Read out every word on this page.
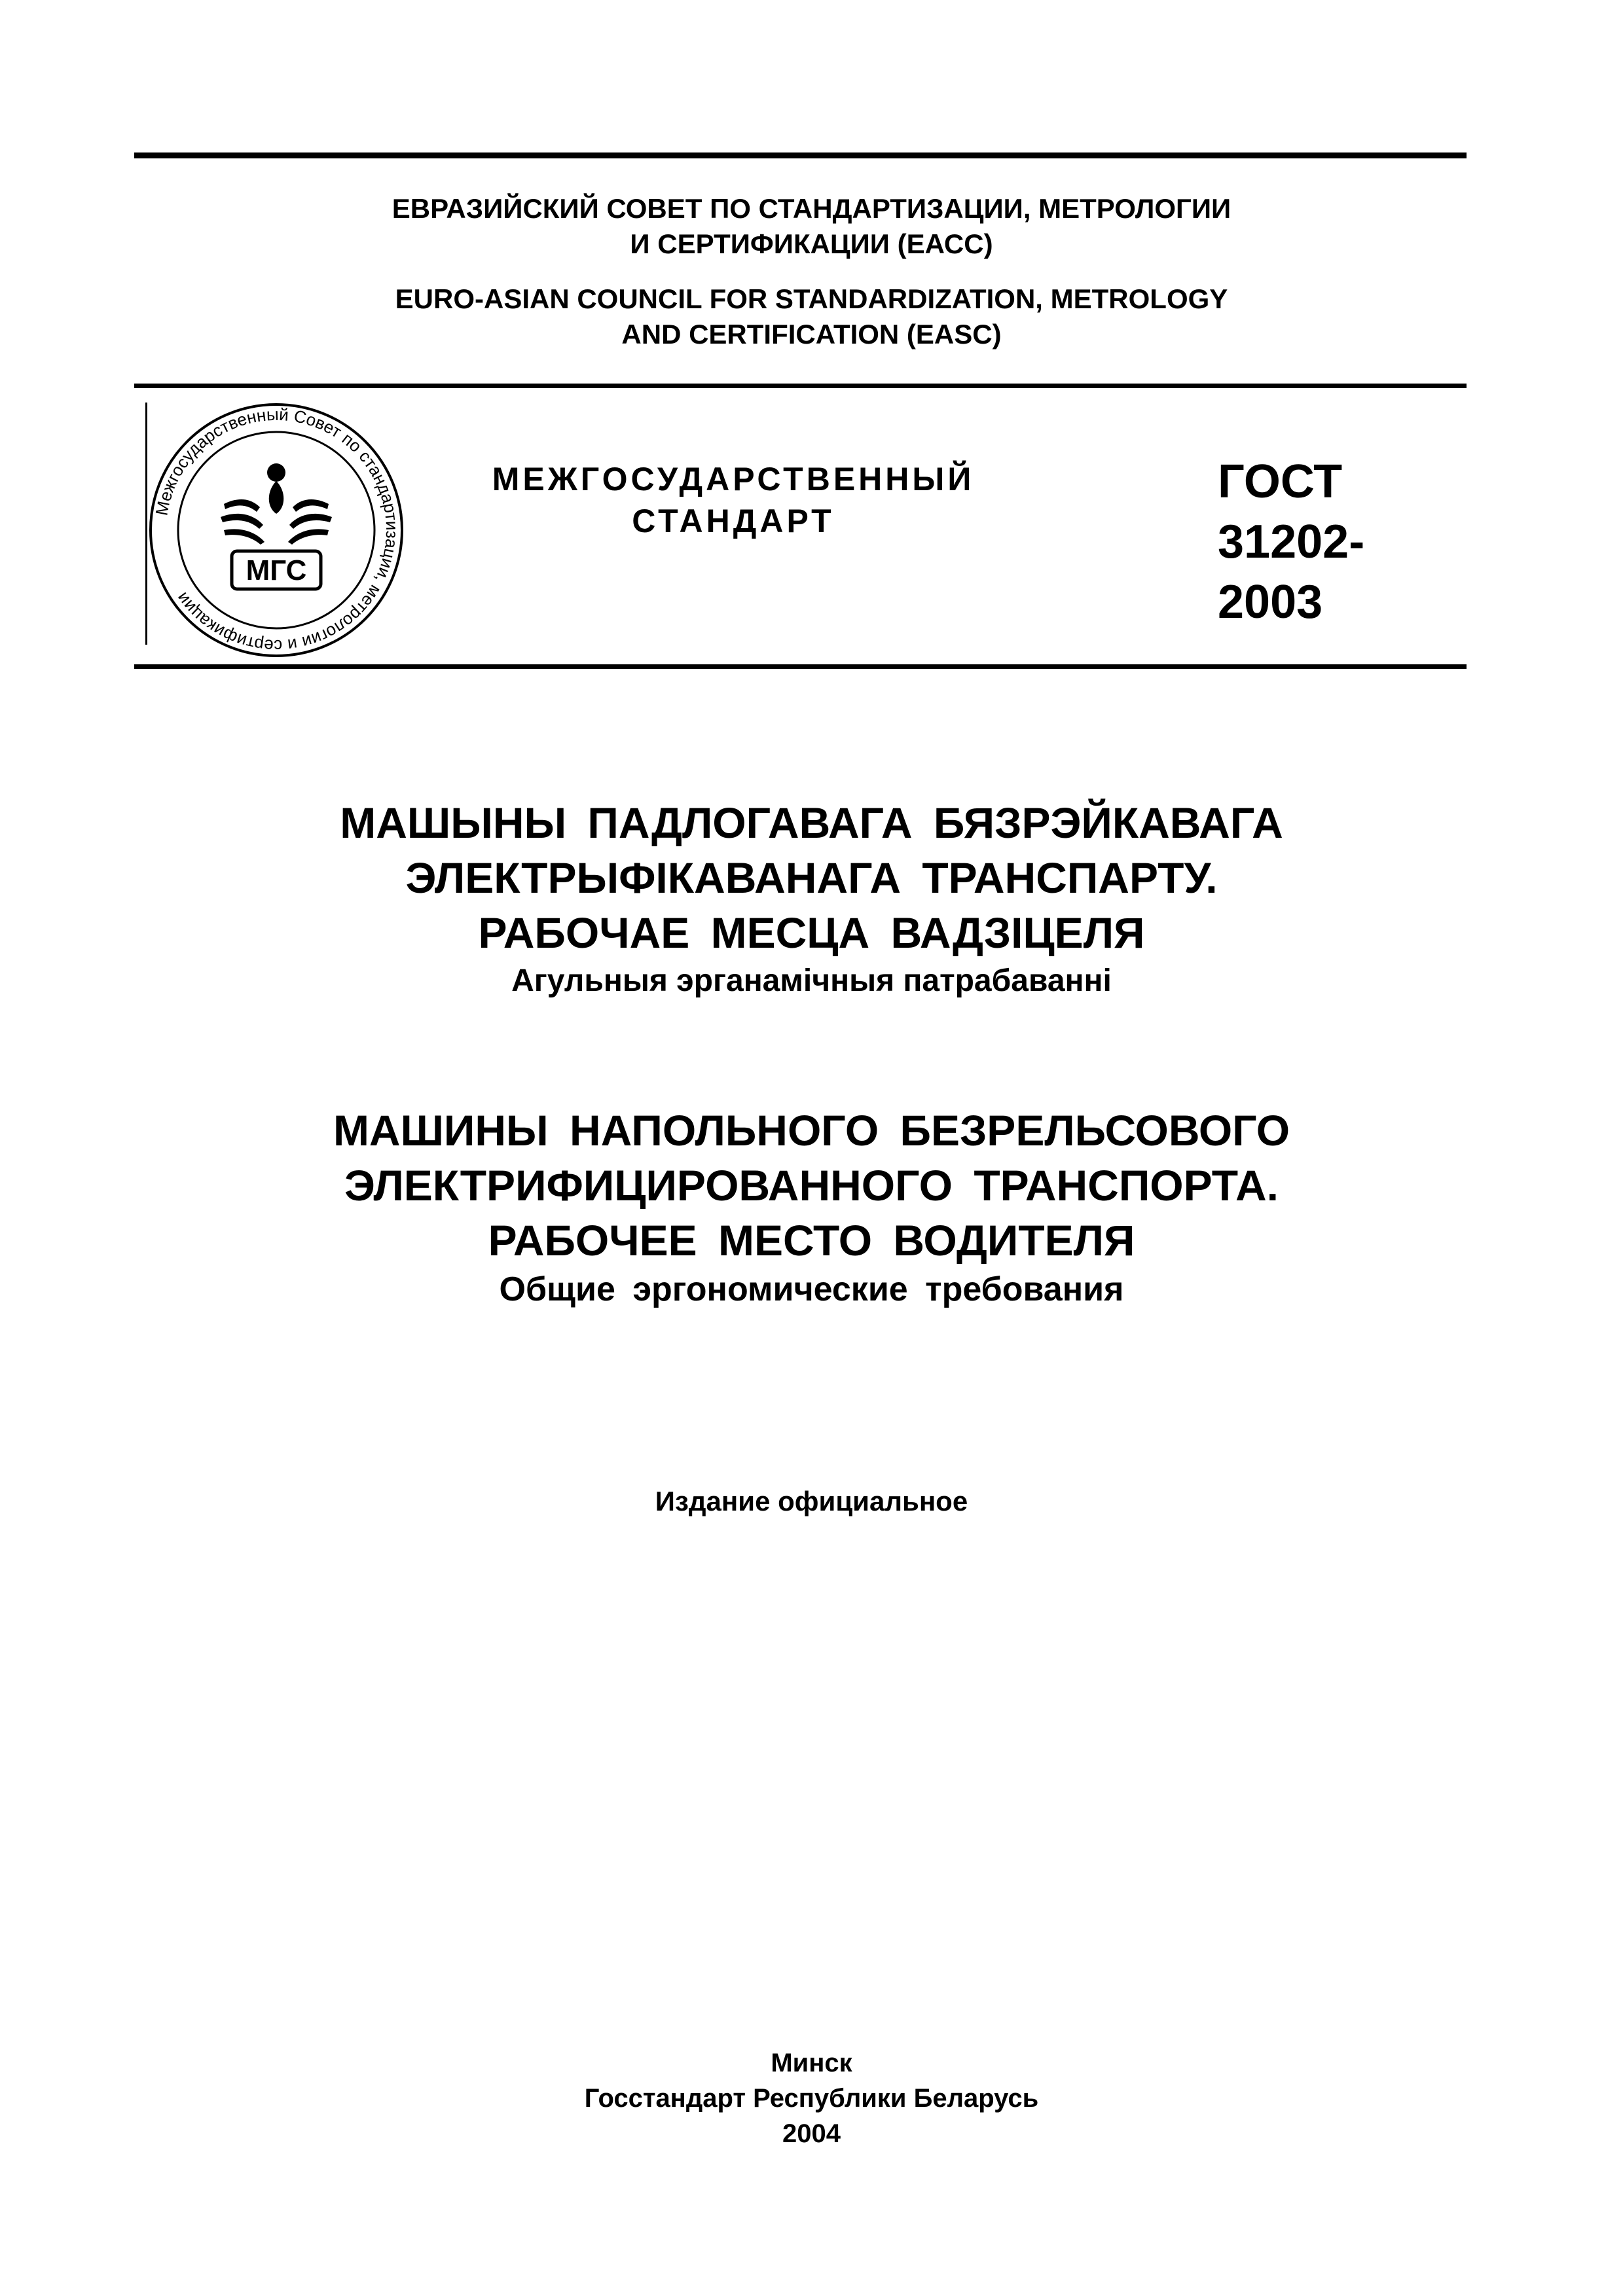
ЕВРАЗИЙСКИЙ СОВЕТ ПО СТАНДАРТИЗАЦИИ, МЕТРОЛОГИИ
И СЕРТИФИКАЦИИ (ЕАСС)
EURO-ASIAN COUNCIL FOR STANDARDIZATION, METROLOGY
AND CERTIFICATION (EASC)
Межгосударственный Совет по стандартизации, метрологии и сертификации
МГС
МЕЖГОСУДАРСТВЕННЫЙ
СТАНДАРТ
ГОСТ
31202-
2003
МАШЫНЫ ПАДЛОГАВАГА БЯЗРЭЙКАВАГА
ЭЛЕКТРЫФІКАВАНАГА ТРАНСПАРТУ.
РАБОЧАЕ МЕСЦА ВАДЗІЦЕЛЯ
Агульныя эрганамічныя патрабаванні
МАШИНЫ НАПОЛЬНОГО БЕЗРЕЛЬСОВОГО
ЭЛЕКТРИФИЦИРОВАННОГО ТРАНСПОРТА.
РАБОЧЕЕ МЕСТО ВОДИТЕЛЯ
Общие эргономические требования
Издание официальное
Минск
Госстандарт Республики Беларусь
2004
